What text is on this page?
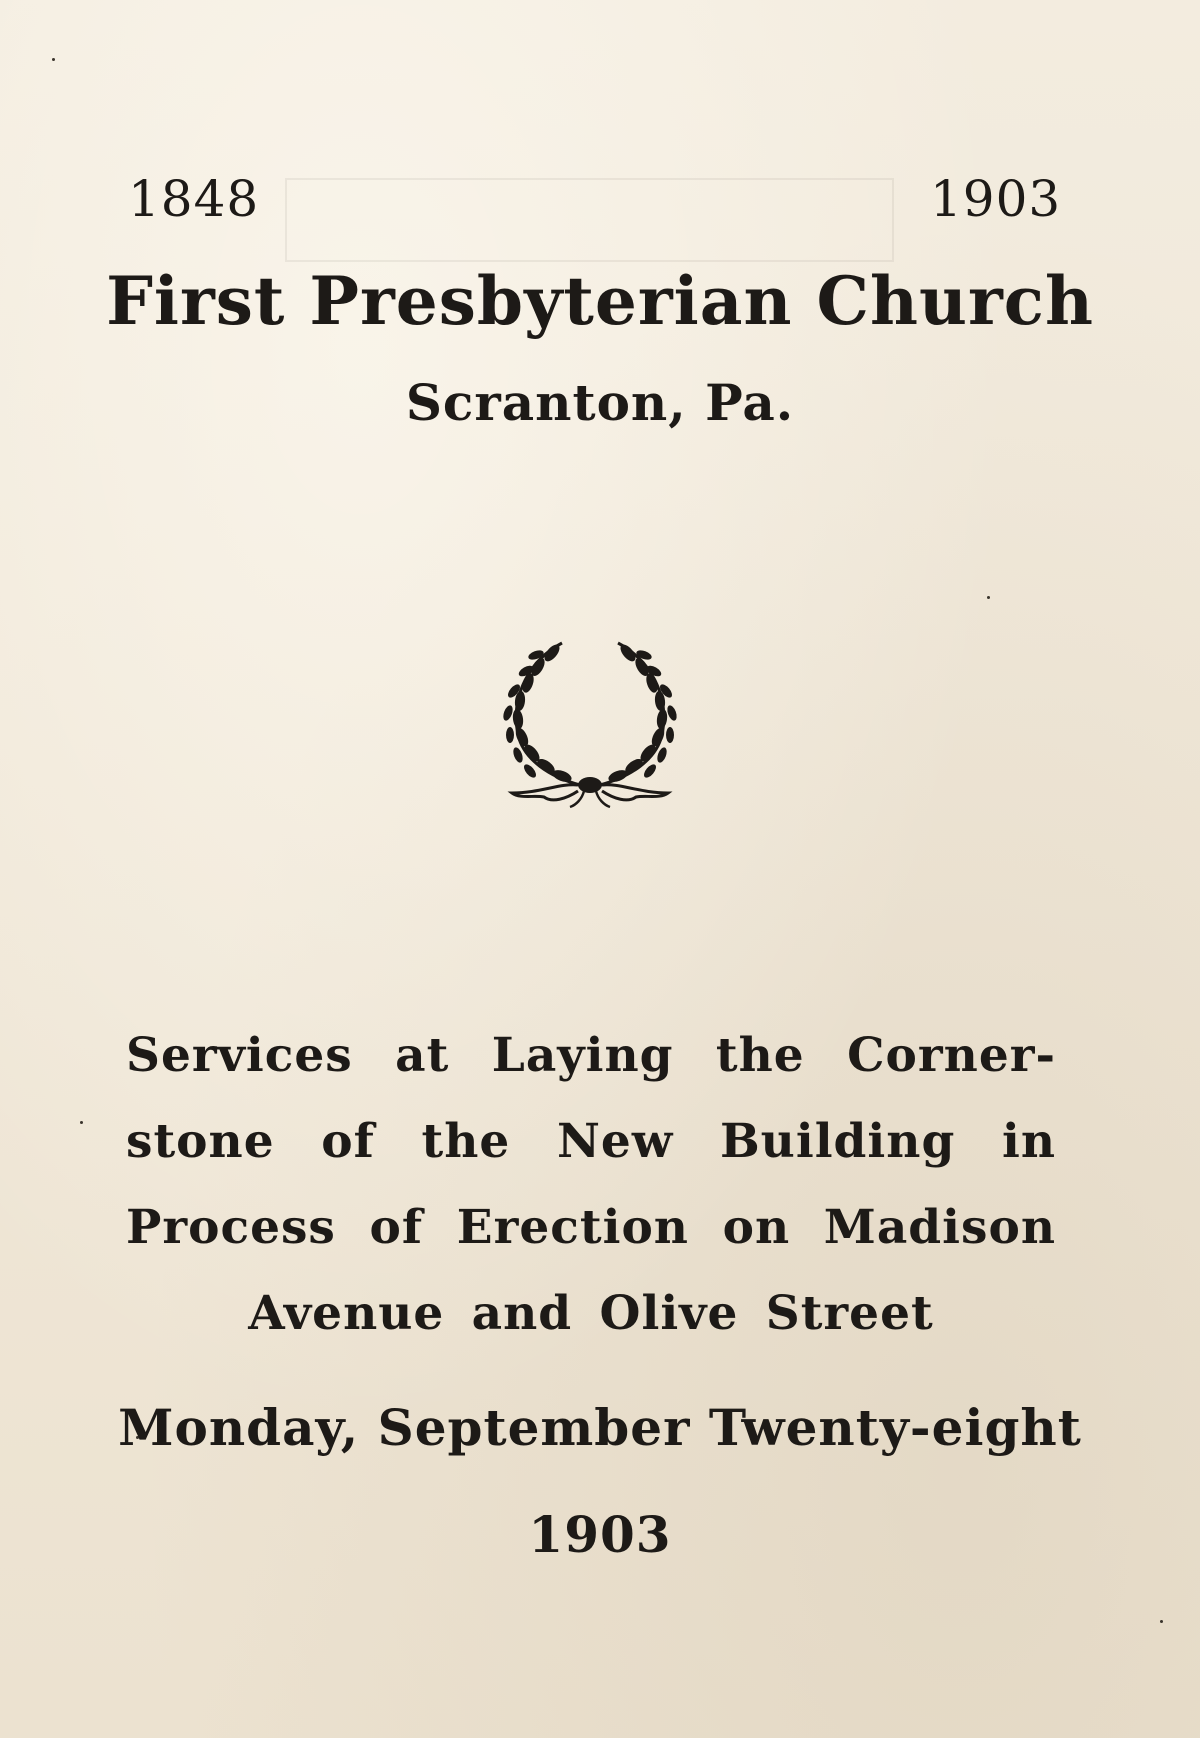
1848	1903
First Presbyterian Church
Scranton, Pa.
Services at Laying the Corner-stone of the New Building in Process of Erection on Madison Avenue and Olive Street
Monday, September Twenty-eight
1903
